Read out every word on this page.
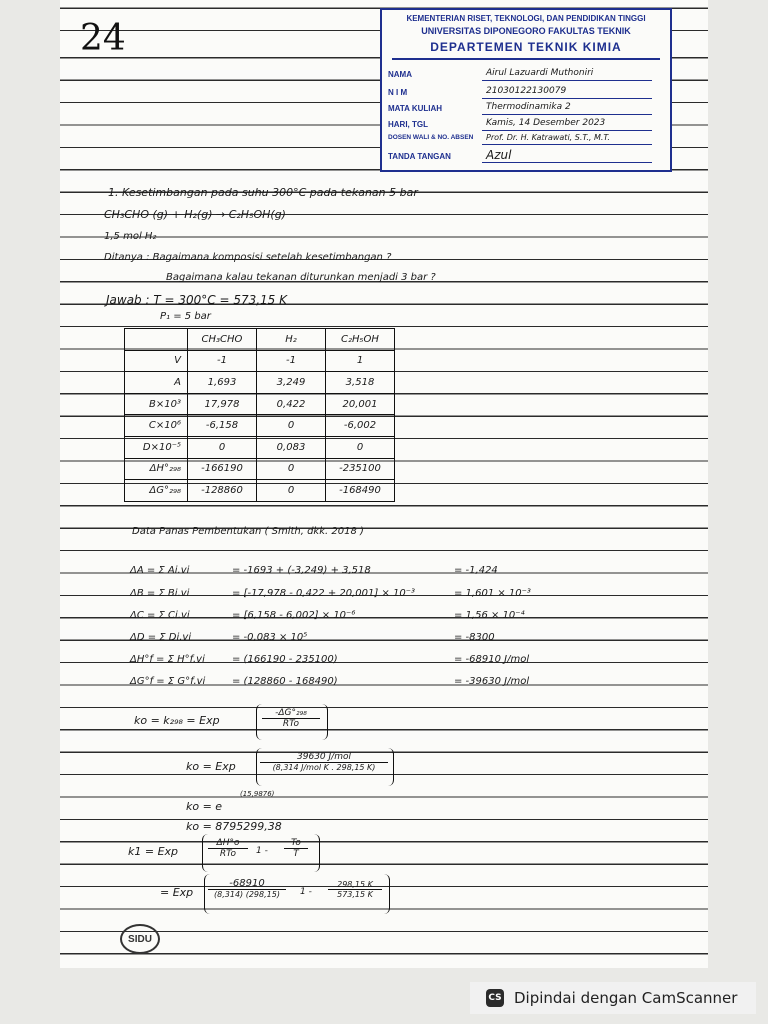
24	KEMENTERIAN RISET, TEKNOLOGI, DAN PENDIDIKAN TINGGI
UNIVERSITAS DIPONEGORO FAKULTAS TEKNIK
DEPARTEMEN TEKNIK KIMIA
NAMA	Airul Lazuardi Muthoniri
N I M	21030122130079
MATA KULIAH	Thermodinamika 2
HARI, TGL	Kamis, 14 Desember 2023
DOSEN WALI & NO. ABSEN Prof. Dr. H. Katrawati, S.T., M.T.
TANDA TANGAN	Azul
1. Kesetimbangan pada suhu 300°C pada tekanan 5 bar
CH₃CHO (g) + H₂(g) → C₂H₅OH(g)
1,5 mol H₂
Ditanya : Bagaimana komposisi setelah kesetimbangan ?
Bagaimana kalau tekanan diturunkan menjadi 3 bar ?
Jawab : T = 300°C = 573,15 K
P₁ = 5 bar
	CH₃CHO	H₂	C₂H₅OH
V	-1	-1	1
A	1,693	3,249	3,518
B×10³	17,978	0,422	20,001
C×10⁶	-6,158	0	-6,002
D×10⁻⁵	0	0,083	0
ΔH°₂₉₈	-166190	0	-235100
ΔG°₂₉₈	-128860	0	-168490
Data Panas Pembentukan ( Smith, dkk. 2018 )
ΔA = Σ Ai.vi	= -1693 + (-3,249) + 3,518	= -1,424
ΔB = Σ Bi.vi	= [-17,978 - 0,422 + 20,001] × 10⁻³	= 1,601 × 10⁻³
ΔC = Σ Ci.vi	= [6,158 - 6,002] × 10⁻⁶	= 1,56 × 10⁻⁴
ΔD = Σ Di.vi	= -0,083 × 10⁵	= -8300
ΔH°f = Σ H°f.vi	= (166190 - 235100)	= -68910 J/mol
ΔG°f = Σ G°f.vi	= (128860 - 168490)	= -39630 J/mol
ko = k₂₉₈ = Exp
-ΔG°₂₉₈
RTo
ko = Exp
39630 J/mol
(8,314 J/mol K . 298,15 K)
ko = e
(15,9876)
ko = 8795299,38
k1 = Exp
ΔH°o
RTo	$1 - \frac{To}{T}$
= Exp
-68910
(8,314) (298,15)	$1 - \frac{298,15 K}{573,15 K}$
SIDU
CS Dipindai dengan CamScanner
